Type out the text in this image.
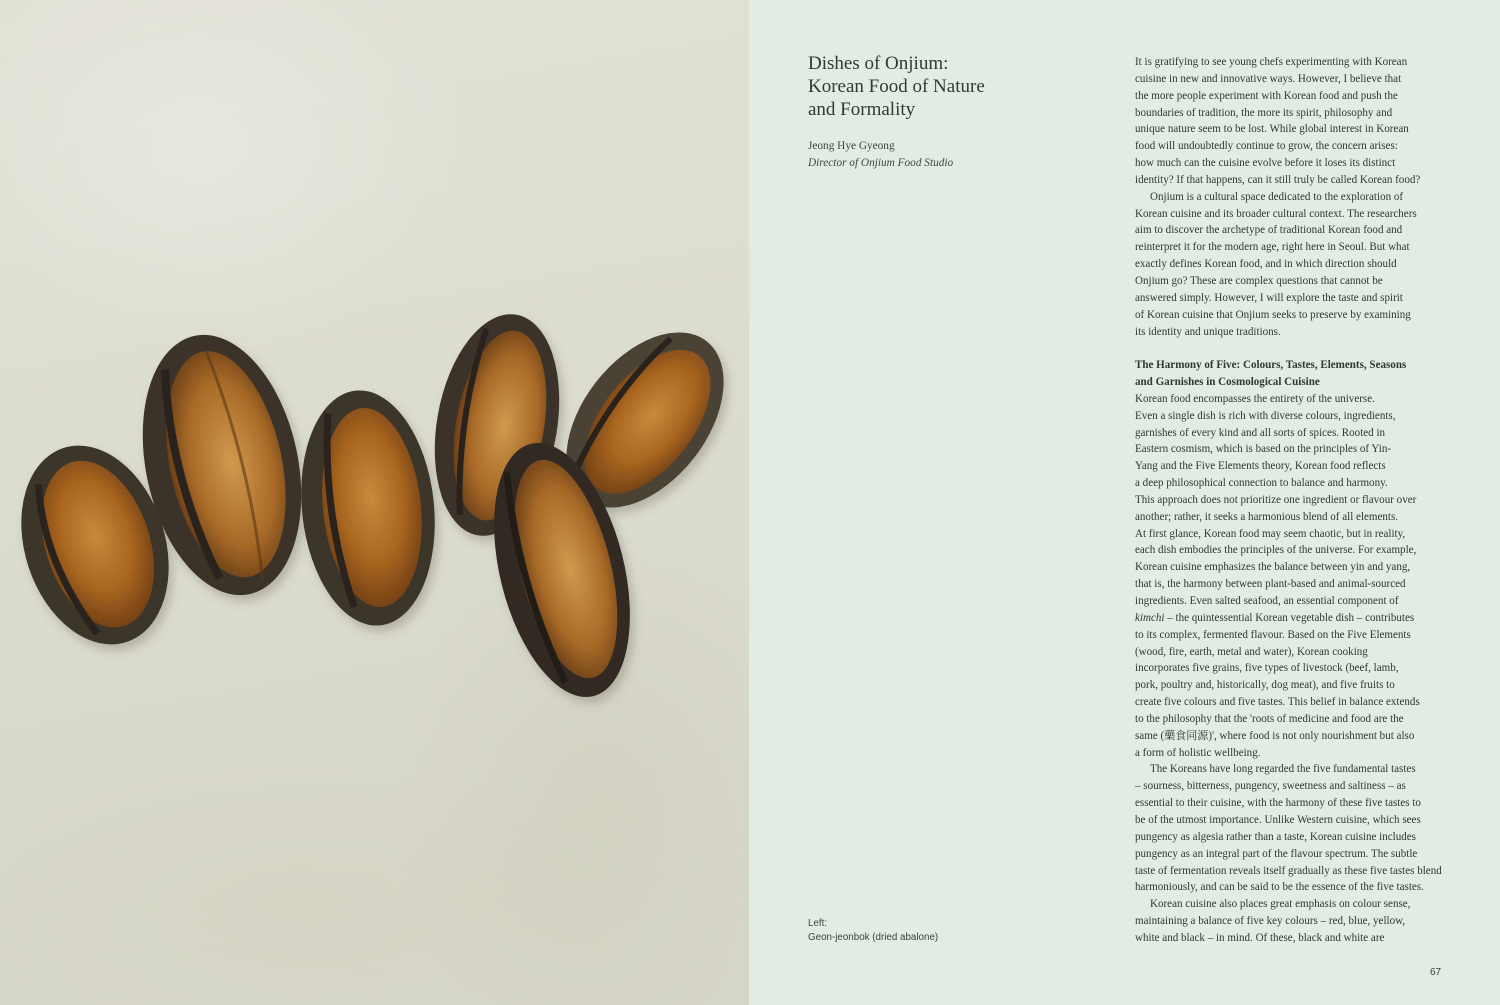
Dishes of Onjium:
Korean Food of Nature
and Formality
Jeong Hye Gyeong
Director of Onjium Food Studio
Left:
Geon-jeonbok (dried abalone)

It is gratifying to see young chefs experimenting with Korean
cuisine in new and innovative ways. However, I believe that
the more people experiment with Korean food and push the
boundaries of tradition, the more its spirit, philosophy and
unique nature seem to be lost. While global interest in Korean
food will undoubtedly continue to grow, the concern arises:
how much can the cuisine evolve before it loses its distinct
identity? If that happens, can it still truly be called Korean food?

Onjium is a cultural space dedicated to the exploration of
Korean cuisine and its broader cultural context. The researchers
aim to discover the archetype of traditional Korean food and
reinterpret it for the modern age, right here in Seoul. But what
exactly defines Korean food, and in which direction should
Onjium go? These are complex questions that cannot be
answered simply. However, I will explore the taste and spirit
of Korean cuisine that Onjium seeks to preserve by examining
its identity and unique traditions.

The Harmony of Five: Colours, Tastes, Elements, Seasons
and Garnishes in Cosmological Cuisine

Korean food encompasses the entirety of the universe.
Even a single dish is rich with diverse colours, ingredients,
garnishes of every kind and all sorts of spices. Rooted in
Eastern cosmism, which is based on the principles of Yin-
Yang and the Five Elements theory, Korean food reflects
a deep philosophical connection to balance and harmony.
This approach does not prioritize one ingredient or flavour over
another; rather, it seeks a harmonious blend of all elements.
At first glance, Korean food may seem chaotic, but in reality,
each dish embodies the principles of the universe. For example,
Korean cuisine emphasizes the balance between yin and yang,
that is, the harmony between plant-based and animal-sourced
ingredients. Even salted seafood, an essential component of
kimchi – the quintessential Korean vegetable dish – contributes
to its complex, fermented flavour. Based on the Five Elements
(wood, fire, earth, metal and water), Korean cooking
incorporates five grains, five types of livestock (beef, lamb,
pork, poultry and, historically, dog meat), and five fruits to
create five colours and five tastes. This belief in balance extends
to the philosophy that the 'roots of medicine and food are the
same (藥食同源)', where food is not only nourishment but also
a form of holistic wellbeing.

The Koreans have long regarded the five fundamental tastes
– sourness, bitterness, pungency, sweetness and saltiness – as
essential to their cuisine, with the harmony of these five tastes to
be of the utmost importance. Unlike Western cuisine, which sees
pungency as algesia rather than a taste, Korean cuisine includes
pungency as an integral part of the flavour spectrum. The subtle
taste of fermentation reveals itself gradually as these five tastes blend
harmoniously, and can be said to be the essence of the five tastes.

Korean cuisine also places great emphasis on colour sense,
maintaining a balance of five key colours – red, blue, yellow,
white and black – in mind. Of these, black and white are

67
